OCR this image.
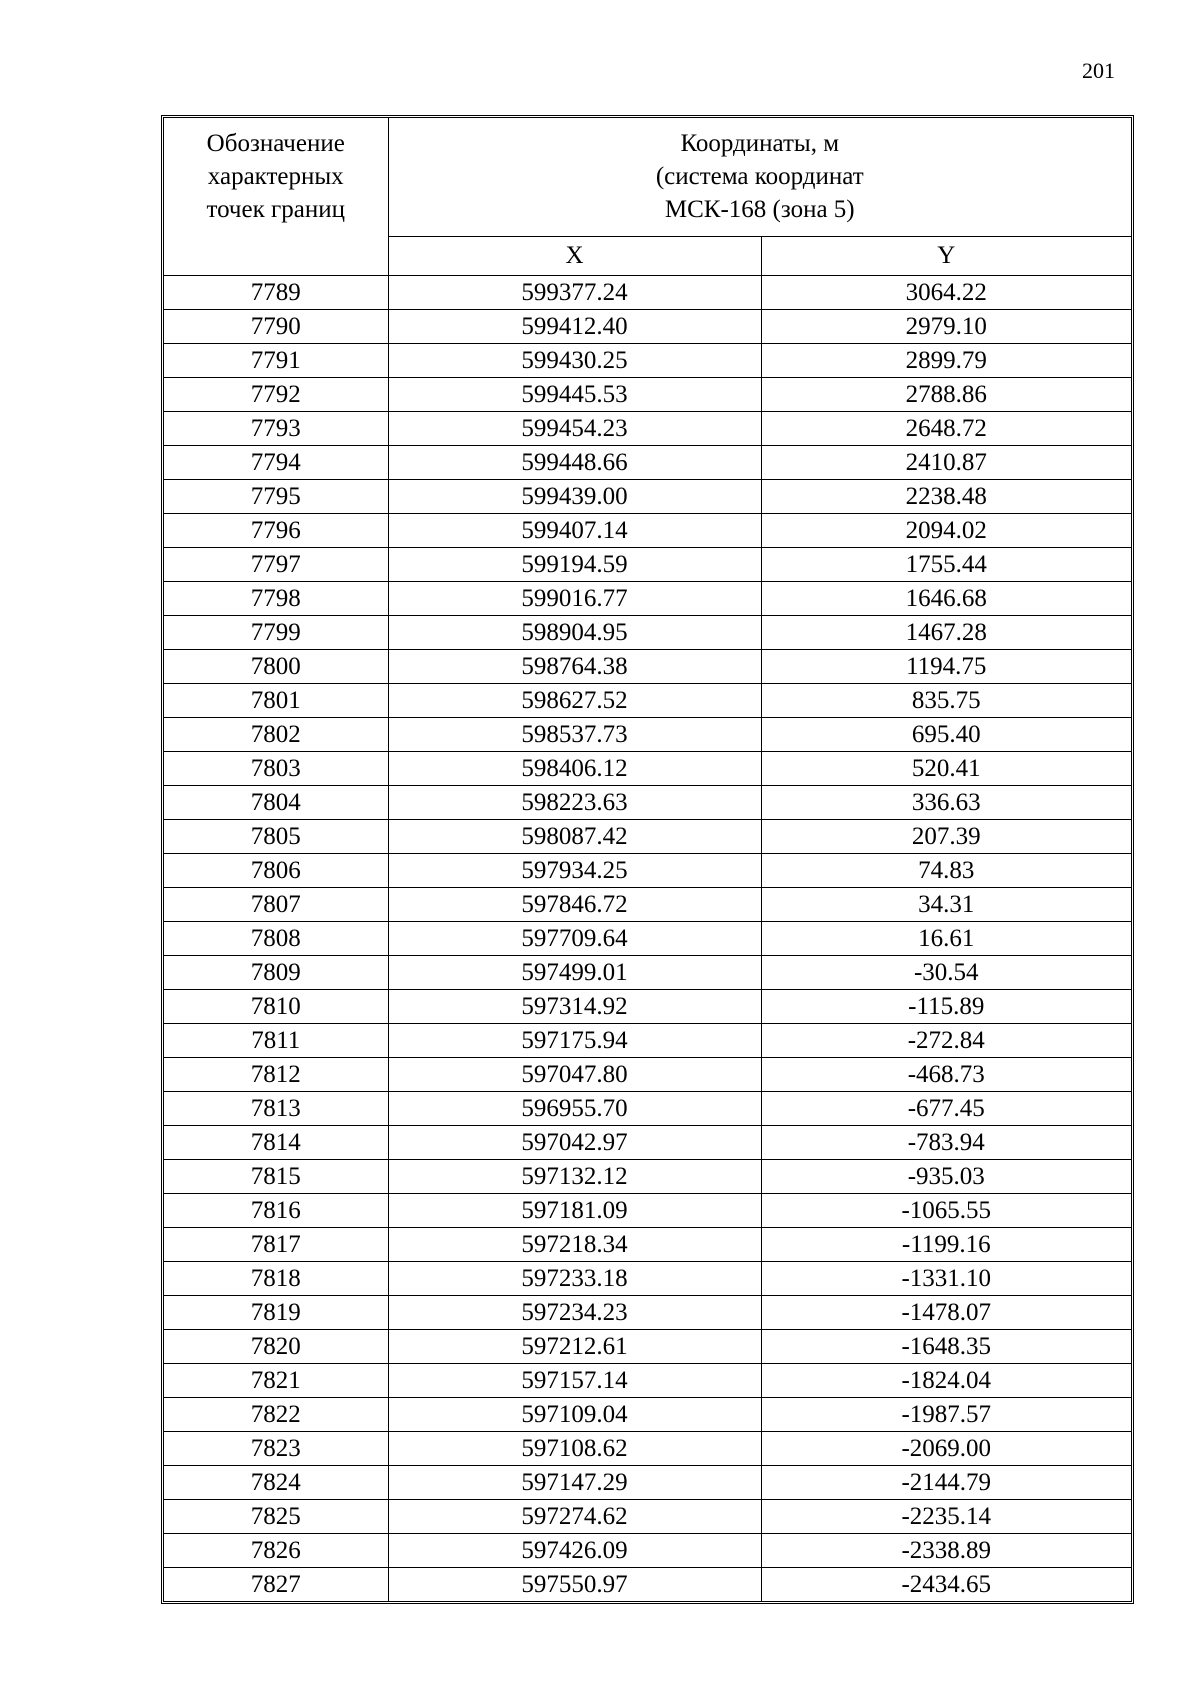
201
Обозначение
характерных
точек границ	Координаты, м
(система координат
МСК-168 (зона 5)	

	X	Y
7789	599377.24	3064.22
7790	599412.40	2979.10
7791	599430.25	2899.79
7792	599445.53	2788.86
7793	599454.23	2648.72
7794	599448.66	2410.87
7795	599439.00	2238.48
7796	599407.14	2094.02
7797	599194.59	1755.44
7798	599016.77	1646.68
7799	598904.95	1467.28
7800	598764.38	1194.75
7801	598627.52	835.75
7802	598537.73	695.40
7803	598406.12	520.41
7804	598223.63	336.63
7805	598087.42	207.39
7806	597934.25	74.83
7807	597846.72	34.31
7808	597709.64	16.61
7809	597499.01	-30.54
7810	597314.92	-115.89
7811	597175.94	-272.84
7812	597047.80	-468.73
7813	596955.70	-677.45
7814	597042.97	-783.94
7815	597132.12	-935.03
7816	597181.09	-1065.55
7817	597218.34	-1199.16
7818	597233.18	-1331.10
7819	597234.23	-1478.07
7820	597212.61	-1648.35
7821	597157.14	-1824.04
7822	597109.04	-1987.57
7823	597108.62	-2069.00
7824	597147.29	-2144.79
7825	597274.62	-2235.14
7826	597426.09	-2338.89
7827	597550.97	-2434.65
